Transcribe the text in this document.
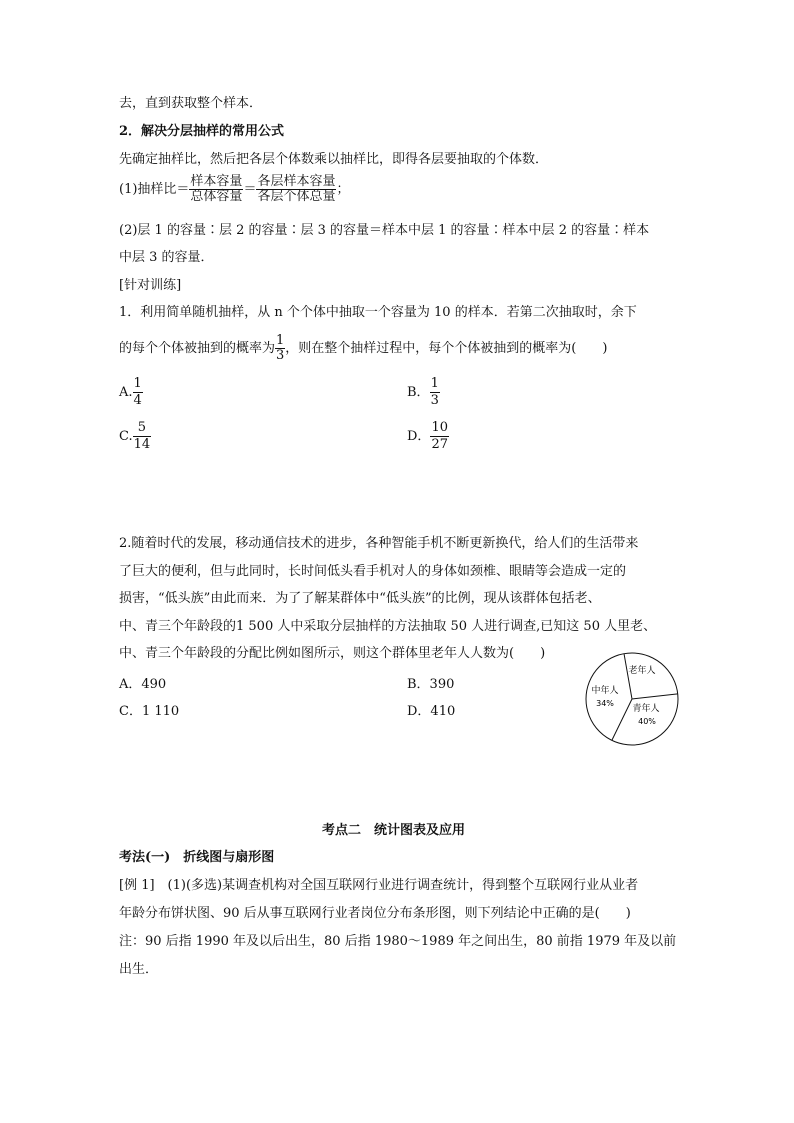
去，直到获取整个样本．
2．解决分层抽样的常用公式
先确定抽样比，然后把各层个体数乘以抽样比，即得各层要抽取的个体数．
(1)抽样比＝ $\frac{\text{样本容量}}{\text{总体容量}} = \frac{\text{各层样本容量}}{\text{各层个体总量}}$ ；
(2)层 1 的容量∶层 2 的容量∶层 3 的容量＝样本中层 1 的容量∶样本中层 2 的容量∶样本
中层 3 的容量．
[针对训练]
1．利用简单随机抽样，从 n 个个体中抽取一个容量为 10 的样本．若第二次抽取时，余下
的每个个体被抽到的概率为 $\frac{1}{3}$ ，则在整个抽样过程中，每个个体被抽到的概率为(　　)
A. $\frac{1}{4}$	B． $\frac{1}{3}$
C. $\frac{5}{14}$	D． $\frac{10}{27}$
2.随着时代的发展，移动通信技术的进步，各种智能手机不断更新换代，给人们的生活带来
了巨大的便利，但与此同时，长时间低头看手机对人的身体如颈椎、眼睛等会造成一定的
损害，“低头族”由此而来．为了了解某群体中“低头族”的比例，现从该群体包括老、
中、青三个年龄段的1 500 人中采取分层抽样的方法抽取 50 人进行调查,已知这 50 人里老、
中、青三个年龄段的分配比例如图所示，则这个群体里老年人人数为(　　)
A．490	B．390
C．1 110	D．410
老年人
中年人
34%
青年人
40%
考点二　统计图表及应用
考法(一)　折线图与扇形图
[例 1]　(1)(多选)某调查机构对全国互联网行业进行调查统计，得到整个互联网行业从业者
年龄分布饼状图、90 后从事互联网行业者岗位分布条形图，则下列结论中正确的是(　　)
注：90 后指 1990 年及以后出生，80 后指 1980～1989 年之间出生，80 前指 1979 年及以前
出生．
